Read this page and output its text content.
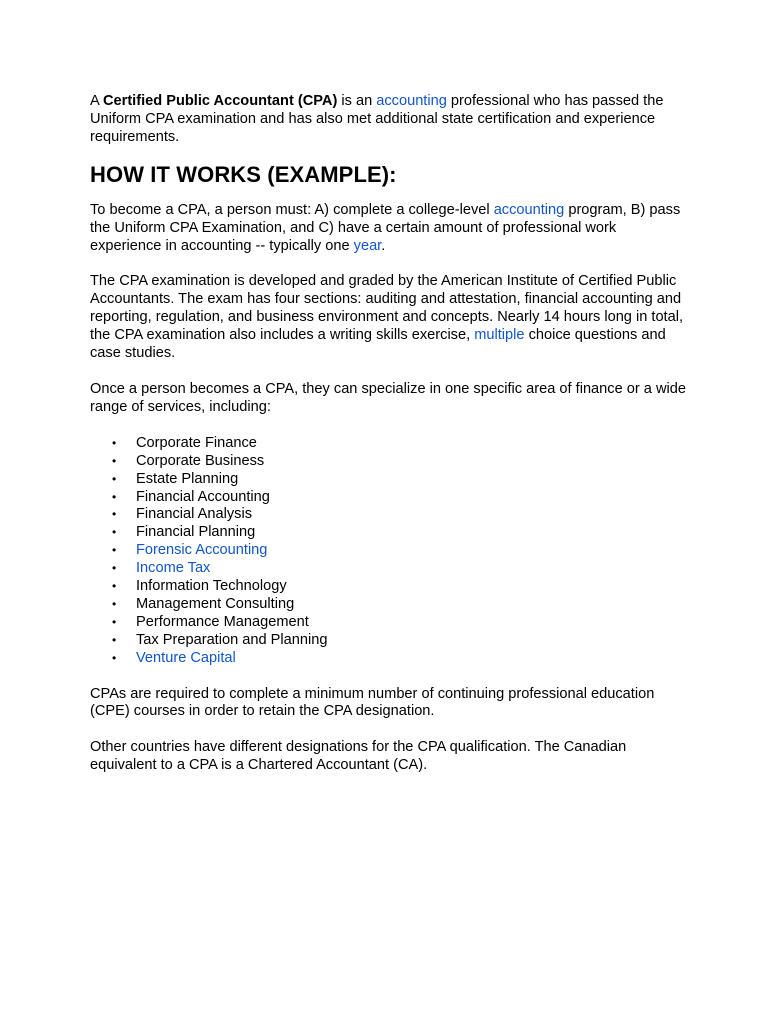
A Certified Public Accountant (CPA) is an accounting professional who has passed the Uniform CPA examination and has also met additional state certification and experience requirements.

HOW IT WORKS (EXAMPLE):

To become a CPA, a person must: A) complete a college-level accounting program, B) pass the Uniform CPA Examination, and C) have a certain amount of professional work experience in accounting -- typically one year.

The CPA examination is developed and graded by the American Institute of Certified Public Accountants. The exam has four sections: auditing and attestation, financial accounting and reporting, regulation, and business environment and concepts. Nearly 14 hours long in total, the CPA examination also includes a writing skills exercise, multiple choice questions and case studies.

Once a person becomes a CPA, they can specialize in one specific area of finance or a wide range of services, including:

• Corporate Finance
• Corporate Business
• Estate Planning
• Financial Accounting
• Financial Analysis
• Financial Planning
• Forensic Accounting
• Income Tax
• Information Technology
• Management Consulting
• Performance Management
• Tax Preparation and Planning
• Venture Capital

CPAs are required to complete a minimum number of continuing professional education (CPE) courses in order to retain the CPA designation.

Other countries have different designations for the CPA qualification. The Canadian equivalent to a CPA is a Chartered Accountant (CA).
